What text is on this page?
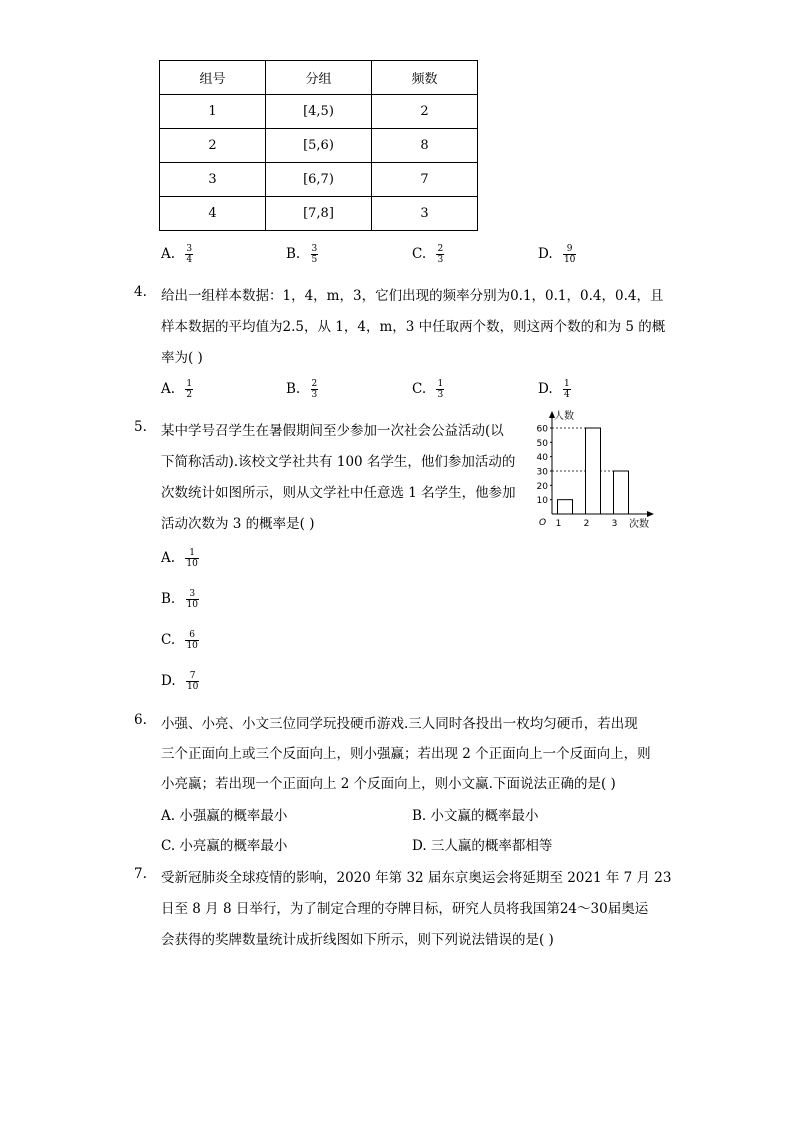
组号	分组	频数
1	[4,5)	2
2	[5,6)	8
3	[6,7)	7
4	[7,8]	3
A. $\frac{3}{4}$	B. $\frac{3}{5}$	C. $\frac{2}{3}$	D. $\frac{9}{10}$
4. 给出一组样本数据：1，4，m，3，它们出现的频率分别为0.1，0.1，0.4，0.4，且
样本数据的平均值为2.5，从 1，4，m，3 中任取两个数，则这两个数的和为 5 的概
率为( )
A. $\frac{1}{2}$	B. $\frac{2}{3}$	C. $\frac{1}{3}$	D. $\frac{1}{4}$
5. 某中学号召学生在暑假期间至少参加一次社会公益活动(以
下简称活动).该校文学社共有 100 名学生，他们参加活动的
次数统计如图所示，则从文学社中任意选 1 名学生，他参加
活动次数为 3 的概率是( )
人数
次数
O
10
20
30
40
50
60
1 2 3
A. $\frac{1}{10}$
B. $\frac{3}{10}$
C. $\frac{6}{10}$
D. $\frac{7}{10}$
6. 小强、小亮、小文三位同学玩投硬币游戏.三人同时各投出一枚均匀硬币，若出现
三个正面向上或三个反面向上，则小强赢；若出现 2 个正面向上一个反面向上，则
小亮赢；若出现一个正面向上 2 个反面向上，则小文赢.下面说法正确的是( )
A. 小强赢的概率最小	B. 小文赢的概率最小
C. 小亮赢的概率最小	D. 三人赢的概率都相等
7. 受新冠肺炎全球疫情的影响，2020 年第 32 届东京奥运会将延期至 2021 年 7 月 23
日至 8 月 8 日举行，为了制定合理的夺牌目标，研究人员将我国第24～30届奥运
会获得的奖牌数量统计成折线图如下所示，则下列说法错误的是( )
